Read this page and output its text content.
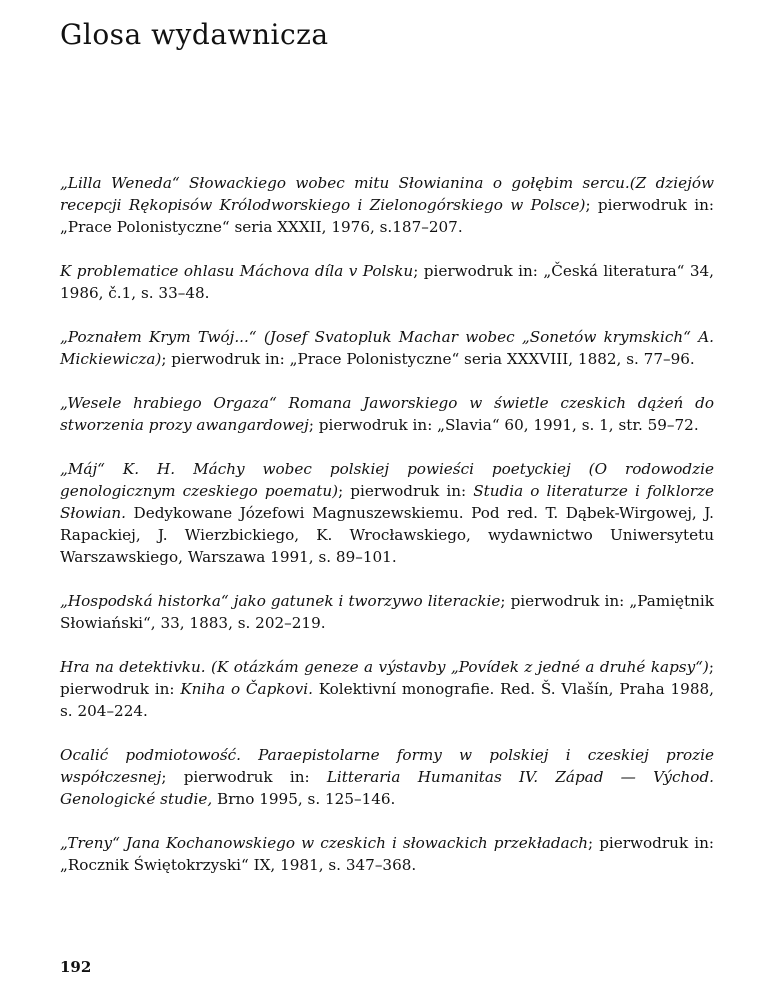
Glosa wydawnicza

„Lilla Weneda“ Słowackiego wobec mitu Słowianina o gołębim sercu.(Z dziejów recepcji Rękopisów Królodworskiego i Zielonogórskiego w Polsce); pierwodruk in: „Prace Polonistyczne“ seria XXXII, 1976, s.187–207.

K problematice ohlasu Máchova díla v Polsku; pierwodruk in: „Česká literatura“ 34, 1986, č.1, s. 33–48.

„Poznałem Krym Twój...“ (Josef Svatopluk Machar wobec „Sonetów krymskich“ A. Mickiewicza); pierwodruk in: „Prace Polonistyczne“ seria XXXVIII, 1882, s. 77–96.

„Wesele hrabiego Orgaza“ Romana Jaworskiego w świetle czeskich dążeń do stworzenia prozy awangardowej; pierwodruk in: „Slavia“ 60, 1991, s. 1, str. 59–72.

„Máj“ K. H. Máchy wobec polskiej powieści poetyckiej (O rodowodzie genologicznym czeskiego poematu); pierwodruk in: Studia o literaturze i folklorze Słowian. Dedykowane Józefowi Magnuszewskiemu. Pod red. T. Dąbek-Wirgowej, J. Rapackiej, J. Wierzbickiego, K. Wrocławskiego, wydawnictwo Uniwersytetu Warszawskiego, Warszawa 1991, s. 89–101.

„Hospodská historka“ jako gatunek i tworzywo literackie; pierwodruk in: „Pamiętnik Słowiański“, 33, 1883, s. 202–219.

Hra na detektivku. (K otázkám geneze a výstavby „Povídek z jedné a druhé kapsy“); pierwodruk in: Kniha o Čapkovi. Kolektivní monografie. Red. Š. Vlašín, Praha 1988, s. 204–224.

Ocalić podmiotowość. Paraepistolarne formy w polskiej i czeskiej prozie współczesnej; pierwodruk in: Litteraria Humanitas IV. Západ — Východ. Genologické studie, Brno 1995, s. 125–146.

„Treny“ Jana Kochanowskiego w czeskich i słowackich przekładach; pierwodruk in: „Rocznik Świętokrzyski“ IX, 1981, s. 347–368.

192
